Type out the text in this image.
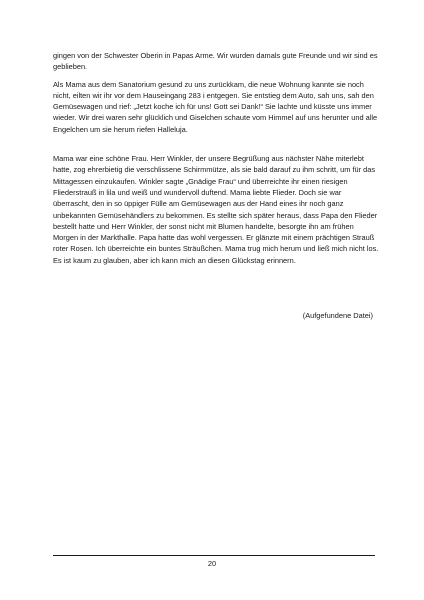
gingen von der Schwester Oberin in Papas Arme. Wir wurden damals gute Freunde und wir sind es geblieben.

Als Mama aus dem Sanatorium gesund zu uns zurückkam, die neue Wohnung kannte sie noch nicht, eilten wir ihr vor dem Hauseingang 283 i entgegen. Sie entstieg dem Auto, sah uns, sah den Gemüsewagen und rief: „Jetzt koche ich für uns! Gott sei Dank!“ Sie lachte und küsste uns immer wieder. Wir drei waren sehr glücklich und Giselchen schaute vom Himmel auf uns herunter und alle Engelchen um sie herum riefen Halleluja.

Mama war eine schöne Frau. Herr Winkler, der unsere Begrüßung aus nächster Nähe miterlebt hatte, zog ehrerbietig die verschlissene Schirmmütze, als sie bald darauf zu ihm schritt, um für das Mittagessen einzukaufen. Winkler sagte „Gnädige Frau“ und überreichte ihr einen riesigen Fliederstrauß in lila und weiß und wundervoll duftend. Mama liebte Flieder. Doch sie war überrascht, den in so üppiger Fülle am Gemüsewagen aus der Hand eines ihr noch ganz unbekannten Gemüsehändlers zu bekommen. Es stellte sich später heraus, dass Papa den Flieder bestellt hatte und Herr Winkler, der sonst nicht mit Blumen handelte, besorgte ihn am frühen Morgen in der Markthalle. Papa hatte das wohl vergessen. Er glänzte mit einem prächtigen Strauß roter Rosen. Ich überreichte ein buntes Sträußchen. Mama trug mich herum und ließ mich nicht los. Es ist kaum zu glauben, aber ich kann mich an diesen Glückstag erinnern.

(Aufgefundene Datei)
20
